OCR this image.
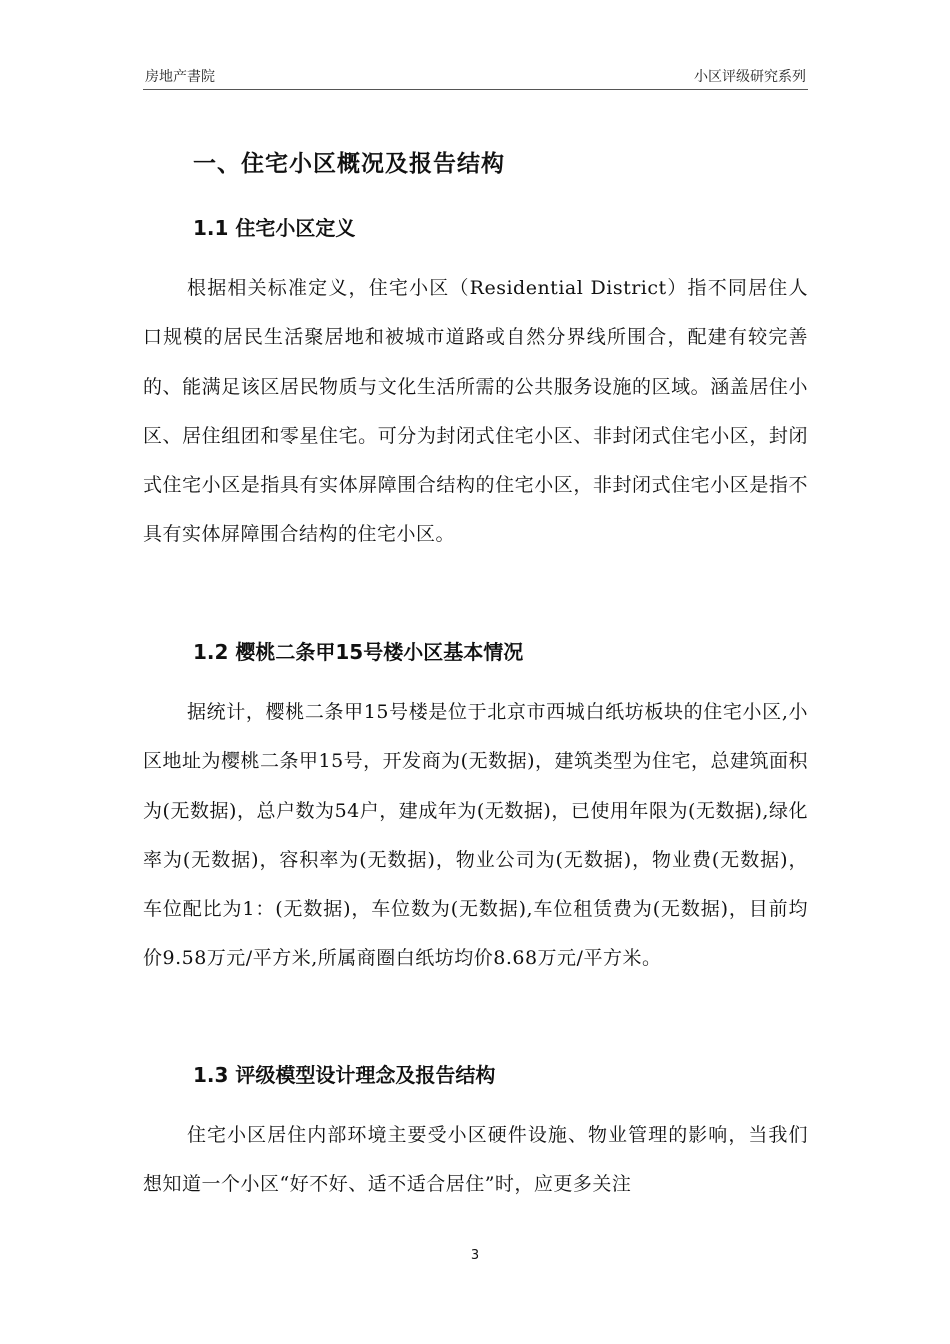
房地产書院	小区评级研究系列
一、住宅小区概况及报告结构
1.1 住宅小区定义

根据相关标准定义，住宅小区（Residential District）指不同居住人口规模的居民生活聚居地和被城市道路或自然分界线所围合，配建有较完善的、能满足该区居民物质与文化生活所需的公共服务设施的区域。涵盖居住小区、居住组团和零星住宅。可分为封闭式住宅小区、非封闭式住宅小区，封闭式住宅小区是指具有实体屏障围合结构的住宅小区，非封闭式住宅小区是指不具有实体屏障围合结构的住宅小区。

1.2 樱桃二条甲15号楼小区基本情况

据统计，樱桃二条甲15号楼是位于北京市西城白纸坊板块的住宅小区,小区地址为樱桃二条甲15号，开发商为(无数据)，建筑类型为住宅，总建筑面积为(无数据)，总户数为54户，建成年为(无数据)，已使用年限为(无数据),绿化率为(无数据)，容积率为(无数据)，物业公司为(无数据)，物业费(无数据)，车位配比为1：(无数据)，车位数为(无数据),车位租赁费为(无数据)，目前均价9.58万元/平方米,所属商圈白纸坊均价8.68万元/平方米。

1.3 评级模型设计理念及报告结构

住宅小区居住内部环境主要受小区硬件设施、物业管理的影响，当我们想知道一个小区“好不好、适不适合居住”时，应更多关注

3
